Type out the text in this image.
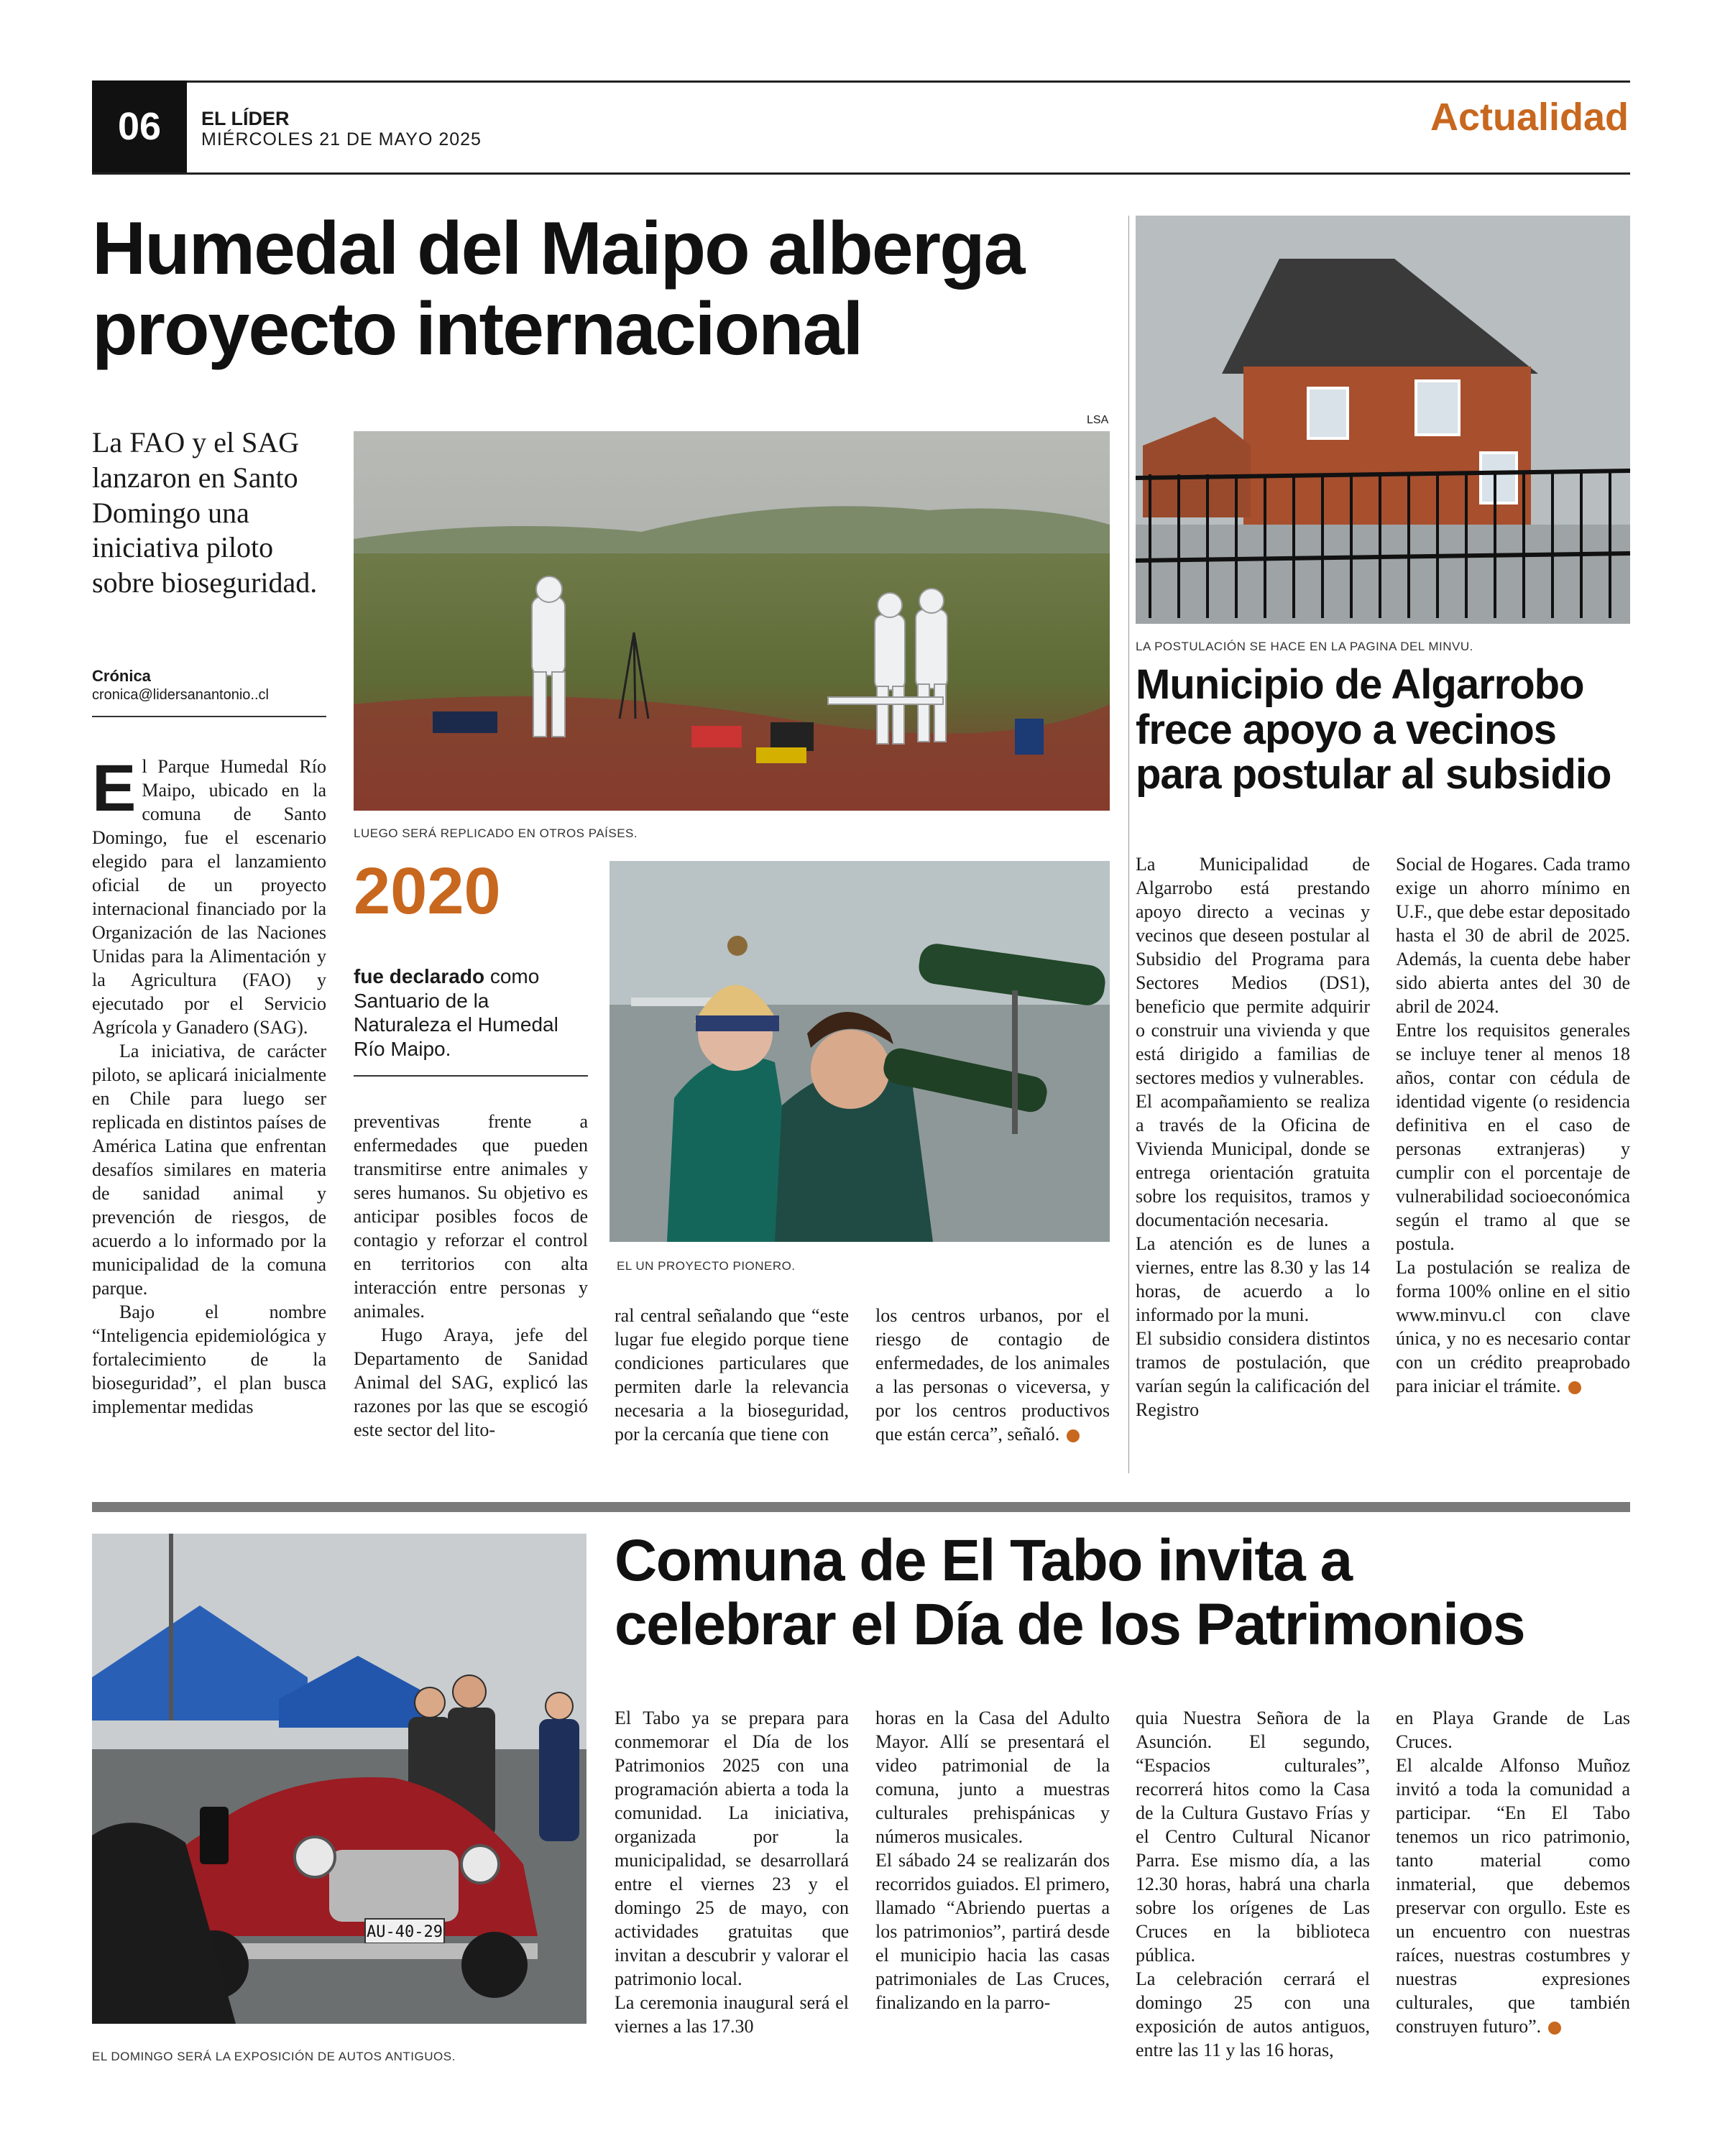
06	EL LÍDER
MIÉRCOLES 21 DE MAYO 2025
Actualidad
Humedal del Maipo alberga
proyecto internacional
La FAO y el SAG lanzaron en Santo Domingo una iniciativa piloto sobre bioseguridad.
Crónica
cronica@lidersanantonio..cl
LSA
LUEGO SERÁ REPLICADO EN OTROS PAÍSES.
2020
fue declarado como Santuario de la Naturaleza el Humedal Río Maipo.
EL UN PROYECTO PIONERO.

El Parque Humedal Río Maipo, ubicado en la comuna de Santo Domingo, fue el escenario elegido para el lanzamiento oficial de un proyecto internacional financiado por la Organización de las Naciones Unidas para la Alimentación y la Agricultura (FAO) y ejecutado por el Servicio Agrícola y Ganadero (SAG).

La iniciativa, de carácter piloto, se aplicará inicialmente en Chile para luego ser replicada en distintos países de América Latina que enfrentan desafíos similares en materia de sanidad animal y prevención de riesgos, de acuerdo a lo informado por la municipalidad de la comuna parque.

Bajo el nombre “Inteligencia epidemiológica y fortalecimiento de la bioseguridad”, el plan busca implementar medidas

preventivas frente a enfermedades que pueden transmitirse entre animales y seres humanos. Su objetivo es anticipar posibles focos de contagio y reforzar el control en territorios con alta interacción entre personas y animales.

Hugo Araya, jefe del Departamento de Sanidad Animal del SAG, explicó las razones por las que se escogió este sector del lito-

ral central señalando que “este lugar fue elegido porque tiene condiciones particulares que permiten darle la relevancia necesaria a la bioseguridad, por la cercanía que tiene con

los centros urbanos, por el riesgo de contagio de enfermedades, de los animales a las personas o viceversa, y por los centros productivos que están cerca”, señaló.

LA POSTULACIÓN SE HACE EN LA PAGINA DEL MINVU.
Municipio de Algarrobo
frece apoyo a vecinos
para postular al subsidio

La Municipalidad de Algarrobo está prestando apoyo directo a vecinas y vecinos que deseen postular al Subsidio del Programa para Sectores Medios (DS1), beneficio que permite adquirir o construir una vivienda y que está dirigido a familias de sectores medios y vulnerables.

El acompañamiento se realiza a través de la Oficina de Vivienda Municipal, donde se entrega orientación gratuita sobre los requisitos, tramos y documentación necesaria.

La atención es de lunes a viernes, entre las 8.30 y las 14 horas, de acuerdo a lo informado por la muni.

El subsidio considera distintos tramos de postulación, que varían según la calificación del Registro

Social de Hogares. Cada tramo exige un ahorro mínimo en U.F., que debe estar depositado hasta el 30 de abril de 2025. Además, la cuenta debe haber sido abierta antes del 30 de abril de 2024.

Entre los requisitos generales se incluye tener al menos 18 años, contar con cédula de identidad vigente (o residencia definitiva en el caso de personas extranjeras) y cumplir con el porcentaje de vulnerabilidad socioeconómica según el tramo al que se postula.

La postulación se realiza de forma 100% online en el sitio www.minvu.cl con clave única, y no es necesario contar con un crédito preaprobado para iniciar el trámite.

AU-40-29
EL DOMINGO SERÁ LA EXPOSICIÓN DE AUTOS ANTIGUOS.
Comuna de El Tabo invita a
celebrar el Día de los Patrimonios

El Tabo ya se prepara para conmemorar el Día de los Patrimonios 2025 con una programación abierta a toda la comunidad. La iniciativa, organizada por la municipalidad, se desarrollará entre el viernes 23 y el domingo 25 de mayo, con actividades gratuitas que invitan a descubrir y valorar el patrimonio local.

La ceremonia inaugural será el viernes a las 17.30

horas en la Casa del Adulto Mayor. Allí se presentará el video patrimonial de la comuna, junto a muestras culturales prehispánicas y números musicales.

El sábado 24 se realizarán dos recorridos guiados. El primero, llamado “Abriendo puertas a los patrimonios”, partirá desde el municipio hacia las casas patrimoniales de Las Cruces, finalizando en la parro-

quia Nuestra Señora de la Asunción. El segundo, “Espacios culturales”, recorrerá hitos como la Casa de la Cultura Gustavo Frías y el Centro Cultural Nicanor Parra. Ese mismo día, a las 12.30 horas, habrá una charla sobre los orígenes de Las Cruces en la biblioteca pública.

La celebración cerrará el domingo 25 con una exposición de autos antiguos, entre las 11 y las 16 horas,

en Playa Grande de Las Cruces.

El alcalde Alfonso Muñoz invitó a toda la comunidad a participar. “En El Tabo tenemos un rico patrimonio, tanto material como inmaterial, que debemos preservar con orgullo. Este es un encuentro con nuestras raíces, nuestras costumbres y nuestras expresiones culturales, que también construyen futuro”.
